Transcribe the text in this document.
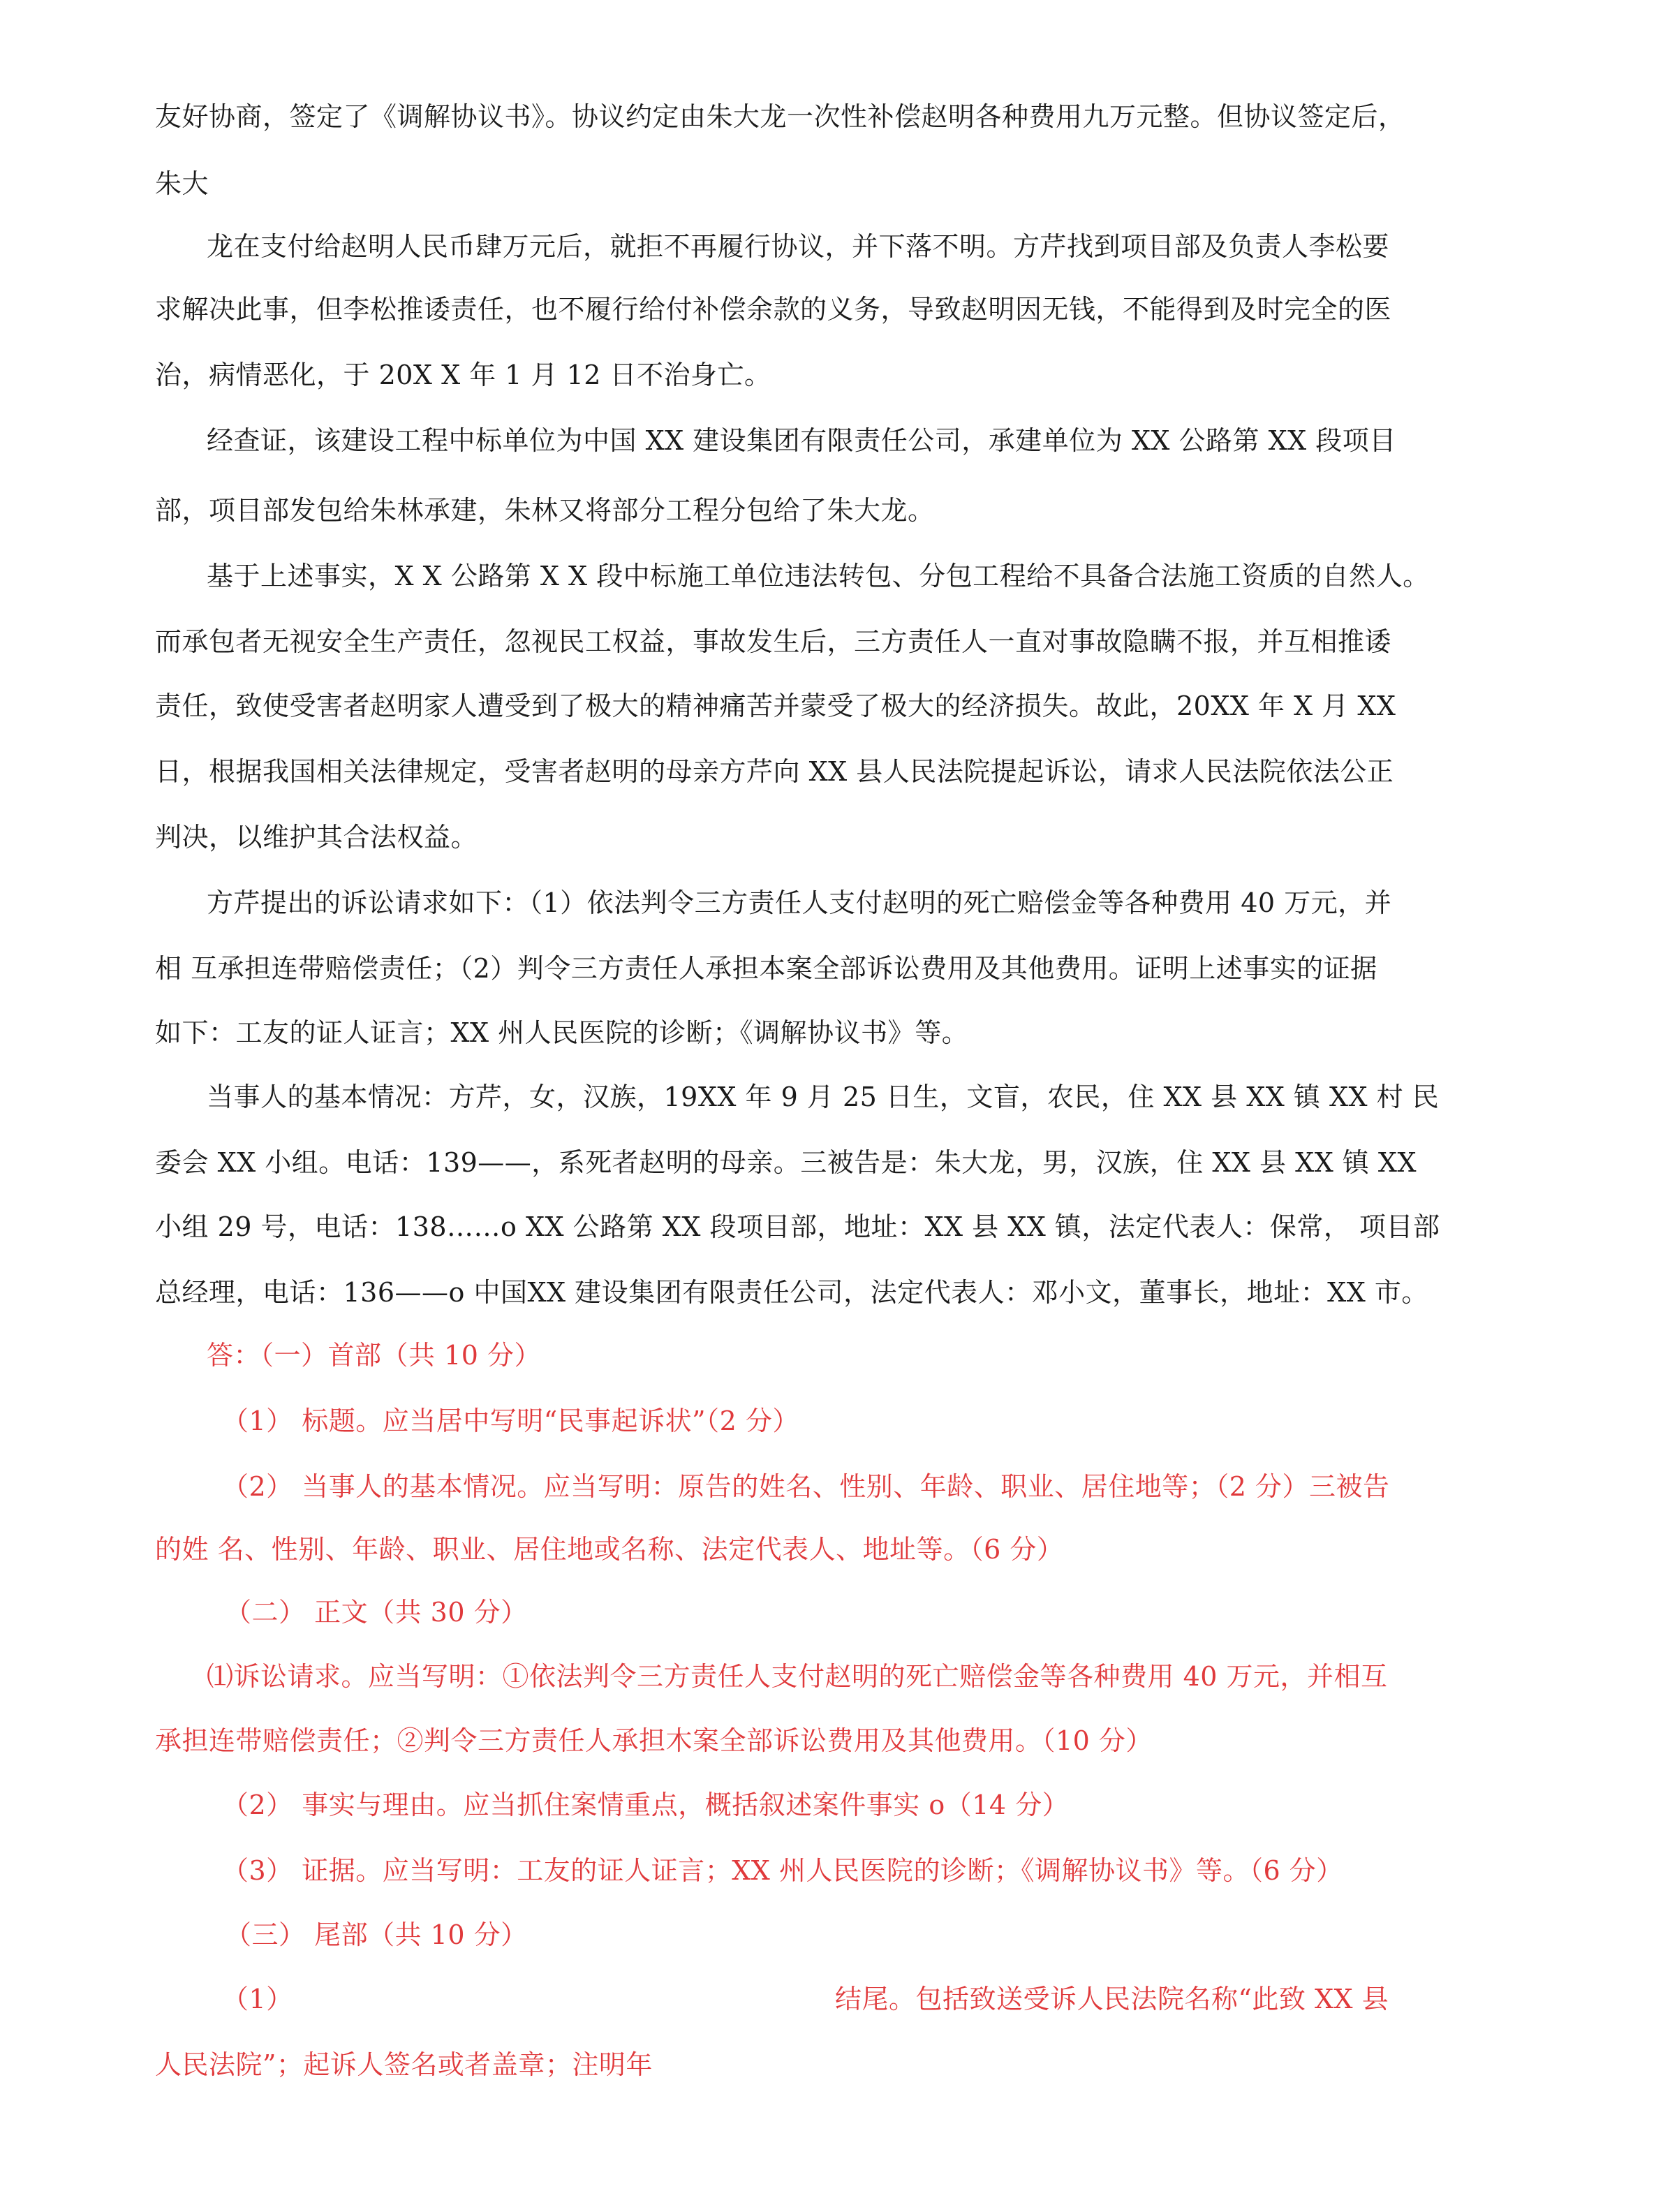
友好协商，签定了《调解协议书》。协议约定由朱大龙一次性补偿赵明各种费用九万元整。但协议签定后，
朱大
龙在支付给赵明人民币肆万元后，就拒不再履行协议，并下落不明。方芹找到项目部及负责人李松要
求解决此事，但李松推诿责任，也不履行给付补偿余款的义务，导致赵明因无钱，不能得到及时完全的医
治，病情恶化，于 20X X 年 1 月 12 日不治身亡。
经查证，该建设工程中标单位为中国 XX 建设集团有限责任公司，承建单位为 XX 公路第 XX 段项目
部，项目部发包给朱林承建，朱林又将部分工程分包给了朱大龙。
基于上述事实，X X 公路第 X X 段中标施工单位违法转包、分包工程给不具备合法施工资质的自然人。
而承包者无视安全生产责任，忽视民工权益，事故发生后，三方责任人一直对事故隐瞒不报，并互相推诿
责任，致使受害者赵明家人遭受到了极大的精神痛苦并蒙受了极大的经济损失。故此，20XX 年 X 月 XX
日，根据我国相关法律规定，受害者赵明的母亲方芹向 XX 县人民法院提起诉讼，请求人民法院依法公正
判决，以维护其合法权益。
方芹提出的诉讼请求如下：（1）依法判令三方责任人支付赵明的死亡赔偿金等各种费用 40 万元，并
相 互承担连带赔偿责任；（2）判令三方责任人承担本案全部诉讼费用及其他费用。证明上述事实的证据
如下：工友的证人证言；XX 州人民医院的诊断；《调解协议书》等。
当事人的基本情况：方芹，女，汉族，19XX 年 9 月 25 日生，文盲，农民，住 XX 县 XX 镇 XX 村 民
委会 XX 小组。电话：139——，系死者赵明的母亲。三被告是：朱大龙，男，汉族，住 XX 县 XX 镇 XX
小组 29 号，电话：138……o XX 公路第 XX 段项目部，地址：XX 县 XX 镇，法定代表人：保常， 项目部
总经理，电话：136——o 中国XX 建设集团有限责任公司，法定代表人：邓小文，董事长，地址：XX 市。
答：（一）首部（共 10 分）
（1） 标题。应当居中写明“民事起诉状”（2 分）
（2） 当事人的基本情况。应当写明：原告的姓名、性别、年龄、职业、居住地等；（2 分）三被告
的姓 名、性别、年龄、职业、居住地或名称、法定代表人、地址等。（6 分）
（二） 正文（共 30 分）
⑴诉讼请求。应当写明：①依法判令三方责任人支付赵明的死亡赔偿金等各种费用 40 万元，并相互
承担连带赔偿责任；②判令三方责任人承担木案全部诉讼费用及其他费用。（10 分）
（2） 事实与理由。应当抓住案情重点，概括叙述案件事实 o（14 分）
（3） 证据。应当写明：工友的证人证言；XX 州人民医院的诊断；《调解协议书》等。（6 分）
（三） 尾部（共 10 分）
（1）	结尾。包括致送受诉人民法院名称“此致 XX 县
人民法院”；起诉人签名或者盖章；注明年
